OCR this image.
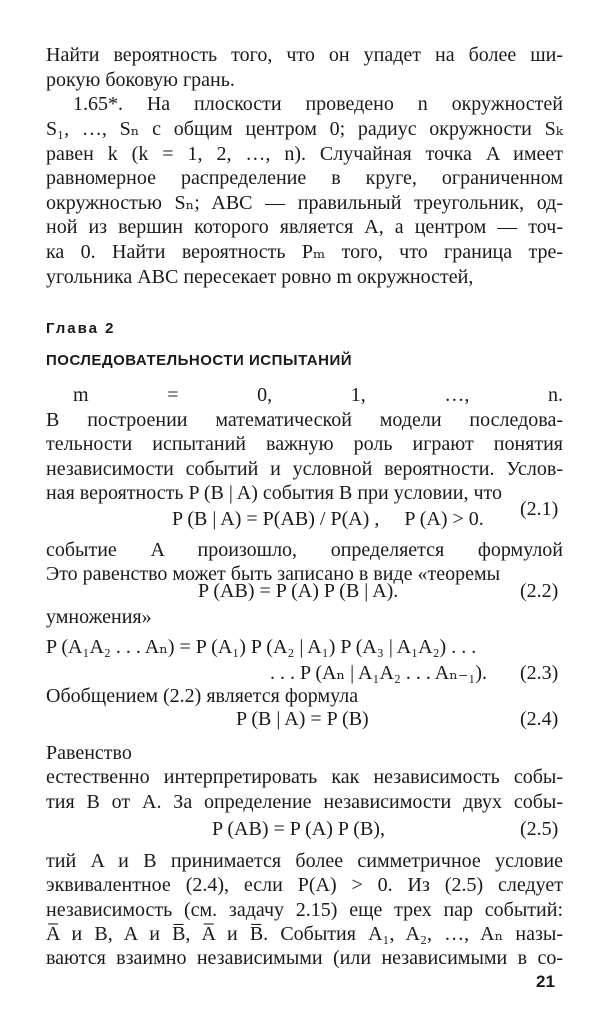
Найти вероятность того, что он упадет на более ши-
рокую боковую грань.
1.65*. На плоскости проведено n окружностей
S₁, …, Sₙ с общим центром 0; радиус окружности Sₖ
равен k (k = 1, 2, …, n). Случайная точка A имеет
равномерное распределение в круге, ограниченном
окружностью Sₙ; ABC — правильный треугольник, од-
ной из вершин которого является A, а центром — точ-
ка 0. Найти вероятность Pₘ того, что граница тре-
угольника ABC пересекает ровно m окружностей,
Глава 2
ПОСЛЕДОВАТЕЛЬНОСТИ ИСПЫТАНИЙ
m = 0, 1, …, n.
В построении математической модели последова-
тельности испытаний важную роль играют понятия
независимости событий и условной вероятности. Услов-
ная вероятность P (B | A) события B при условии, что
P (B | A) = P(AB) / P(A) ,     P (A) > 0. (2.1)
событие A произошло, определяется формулой
Это равенство может быть записано в виде «теоремы
P (AB) = P (A) P (B | A).	(2.2)
умножения»
P (A₁A₂ . . . Aₙ) = P (A₁) P (A₂ | A₁) P (A₃ | A₁A₂) . . .
. . . P (Aₙ | A₁A₂ . . . Aₙ₋₁). (2.3)
Обобщением (2.2) является формула
P (B | A) = P (B)	(2.4)
Равенство
естественно интерпретировать как независимость собы-
тия B от A. За определение независимости двух собы-
P (AB) = P (A) P (B),	(2.5)
тий A и B принимается более симметричное условие
эквивалентное (2.4), если P(A) > 0. Из (2.5) следует
независимость (см. задачу 2.15) еще трех пар событий:
A̅ и B, A и B̅, A̅ и B̅. События A₁, A₂, …, Aₙ назы-
ваются взаимно независимыми (или независимыми в со-
21
